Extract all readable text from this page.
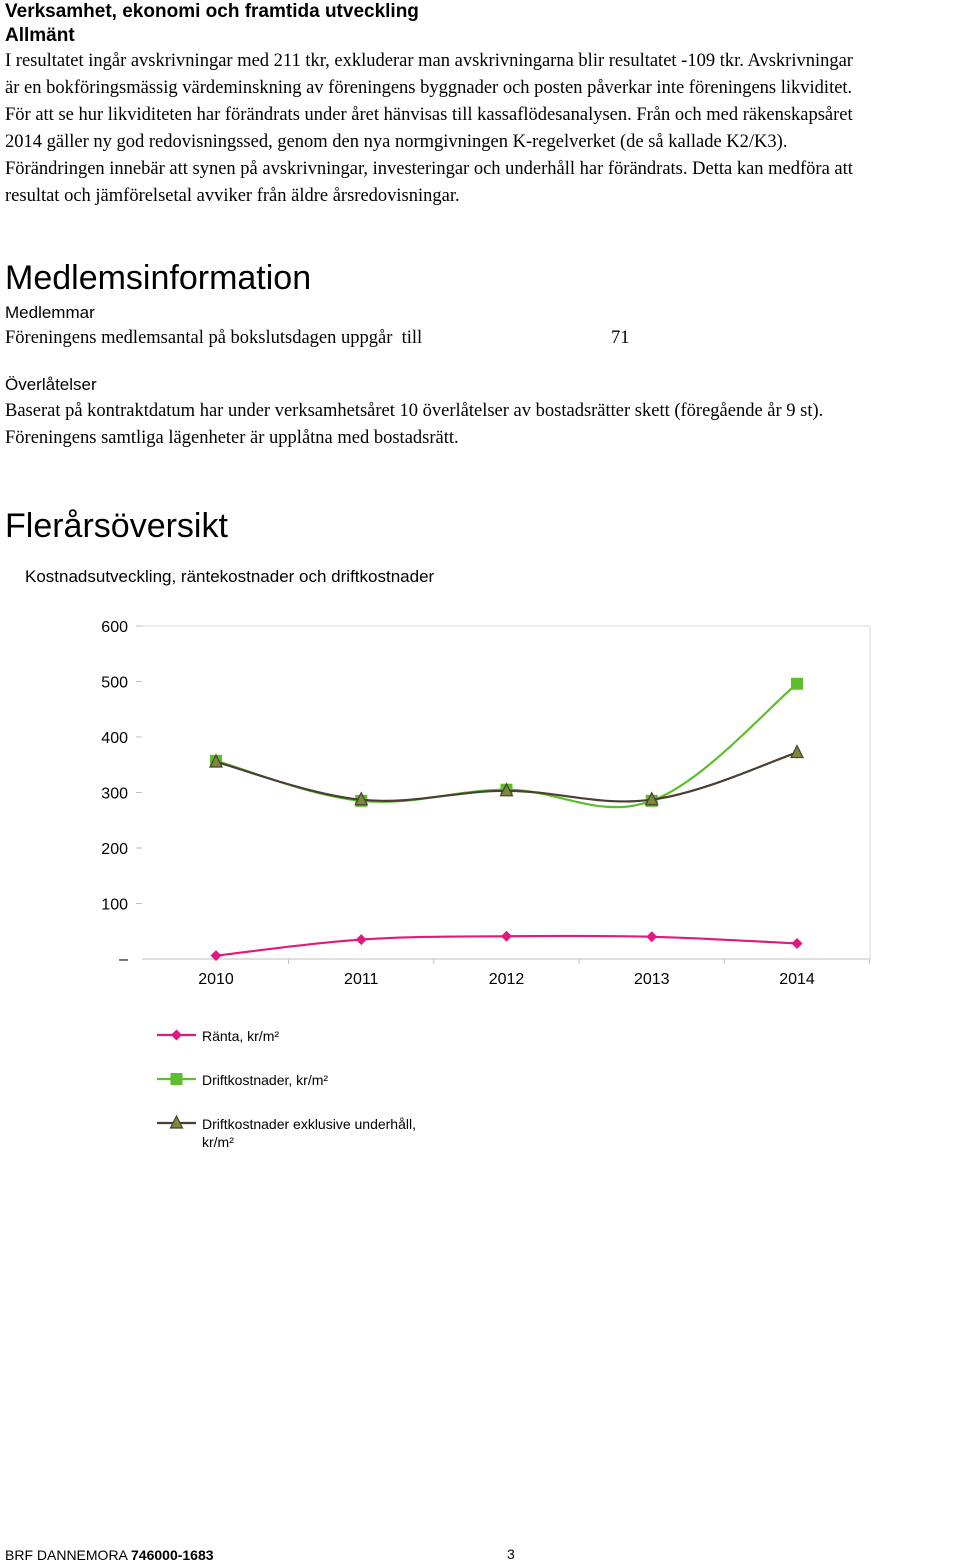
Verksamhet, ekonomi och framtida utveckling
Allmänt
I resultatet ingår avskrivningar med 211 tkr, exkluderar man avskrivningarna blir resultatet -109 tkr. Avskrivningar
är en bokföringsmässig värdeminskning av föreningens byggnader och posten påverkar inte föreningens likviditet.
För att se hur likviditeten har förändrats under året hänvisas till kassaflödesanalysen. Från och med räkenskapsåret
2014 gäller ny god redovisningssed, genom den nya normgivningen K-regelverket (de så kallade K2/K3).
Förändringen innebär att synen på avskrivningar, investeringar och underhåll har förändrats. Detta kan medföra att
resultat och jämförelsetal avviker från äldre årsredovisningar.
Medlemsinformation
Medlemmar
Föreningens medlemsantal på bokslutsdagen uppgår  till	71
Överlåtelser
Baserat på kontraktdatum har under verksamhetsåret 10 överlåtelser av bostadsrätter skett (föregående år 9 st).
Föreningens samtliga lägenheter är upplåtna med bostadsrätt.
Flerårsöversikt
Kostnadsutveckling, räntekostnader och driftkostnader
600
500
400
300
200
100
–
2010	2011	2012	2013	2014
Ränta, kr/m²
Driftkostnader, kr/m²
Driftkostnader exklusive underhåll, kr/m²
BRF DANNEMORA 746000-1683	3
